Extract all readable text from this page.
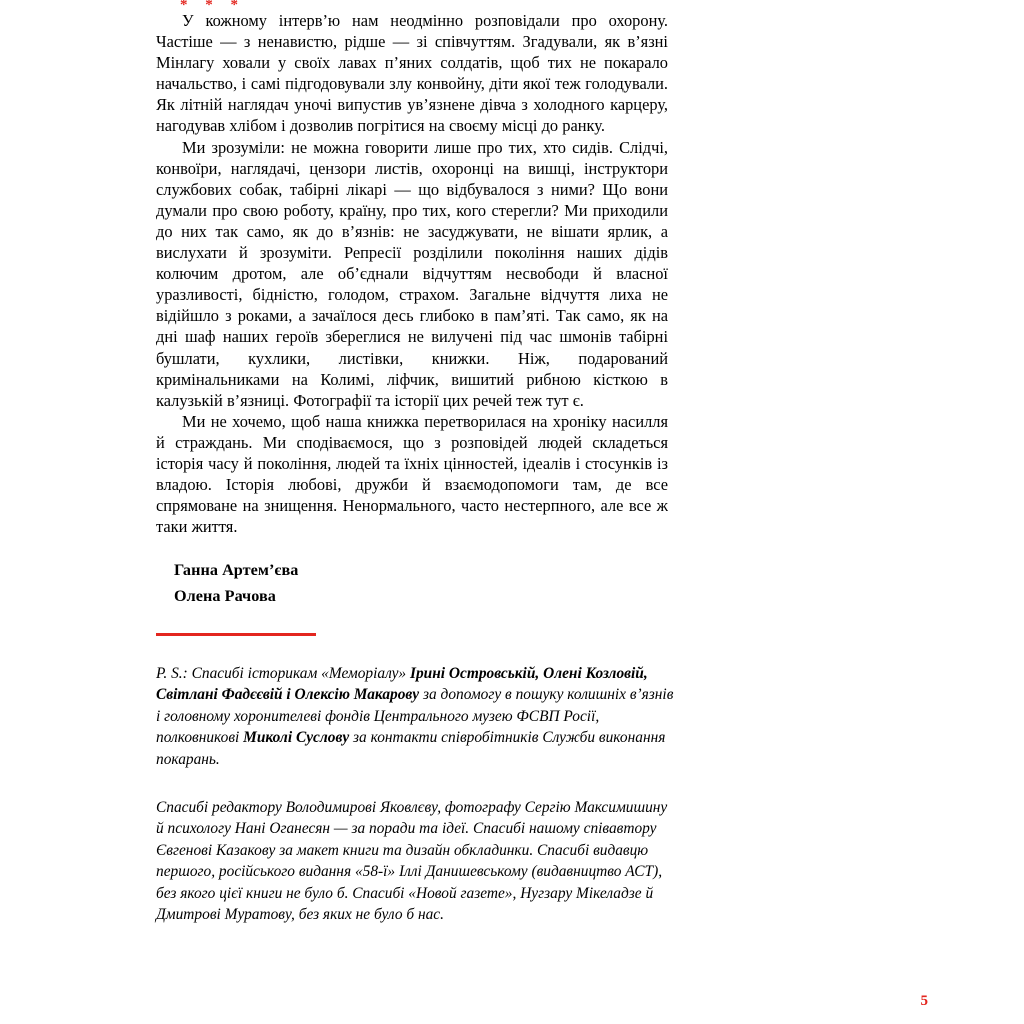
* * *

У кожному інтерв’ю нам неодмінно розповідали про охорону. Частіше — з ненавистю, рідше — зі співчуттям. Згадували, як в’язні Мінлагу ховали у своїх лавах п’яних солдатів, щоб тих не покарало начальство, і самі підгодовували злу конвойну, діти якої теж голодували. Як літній наглядач уночі випустив ув’язнене дівча з холодного карцеру, нагодував хлібом і дозволив погрітися на своєму місці до ранку.

Ми зрозуміли: не можна говорити лише про тих, хто сидів. Слідчі, конвоїри, наглядачі, цензори листів, охоронці на вишці, інструктори службових собак, табірні лікарі — що відбувалося з ними? Що вони думали про свою роботу, країну, про тих, кого стерегли? Ми приходили до них так само, як до в’язнів: не засуджувати, не вішати ярлик, а вислухати й зрозуміти. Репресії розділили покоління наших дідів колючим дротом, але об’єднали відчуттям несвободи й власної уразливості, бідністю, голодом, страхом. Загальне відчуття лиха не відійшло з роками, а зачаїлося десь глибоко в пам’яті. Так само, як на дні шаф наших героїв збереглися не вилучені під час шмонів табірні бушлати, кухлики, листівки, книжки. Ніж, подарований кримінальниками на Колимі, ліфчик, вишитий рибною кісткою в калузькій в’язниці. Фотографії та історії цих речей теж тут є.

Ми не хочемо, щоб наша книжка перетворилася на хроніку насилля й страждань. Ми сподіваємося, що з розповідей людей складеться історія часу й покоління, людей та їхніх цінностей, ідеалів і стосунків із владою. Історія любові, дружби й взаємодопомоги там, де все спрямоване на знищення. Ненормального, часто нестерпного, але все ж таки життя.

Ганна Артем’єва
Олена Рачова
P. S.: Спасибі історикам «Меморіалу» Ірині Островській, Олені Козловій, Світлані Фадєєвій і Олексію Макарову за допомогу в пошуку колишніх в’язнів і головному хоронителеві фондів Центрального музею ФСВП Росії, полковникові Миколі Суслову за контакти співробітників Служби виконання покарань.
Спасибі редактору Володимирові Яковлєву, фотографу Сергію Максимишину й психологу Нані Оганесян — за поради та ідеї. Спасибі нашому співавтору Євгенові Казакову за макет книги та дизайн обкладинки. Спасибі видавцю першого, російського видання «58-ї» Іллі Данишевському (видавництво АСТ), без якого цієї книги не було б. Спасибі «Новой газете», Нугзару Мікеладзе й Дмитрові Муратову, без яких не було б нас.
5
